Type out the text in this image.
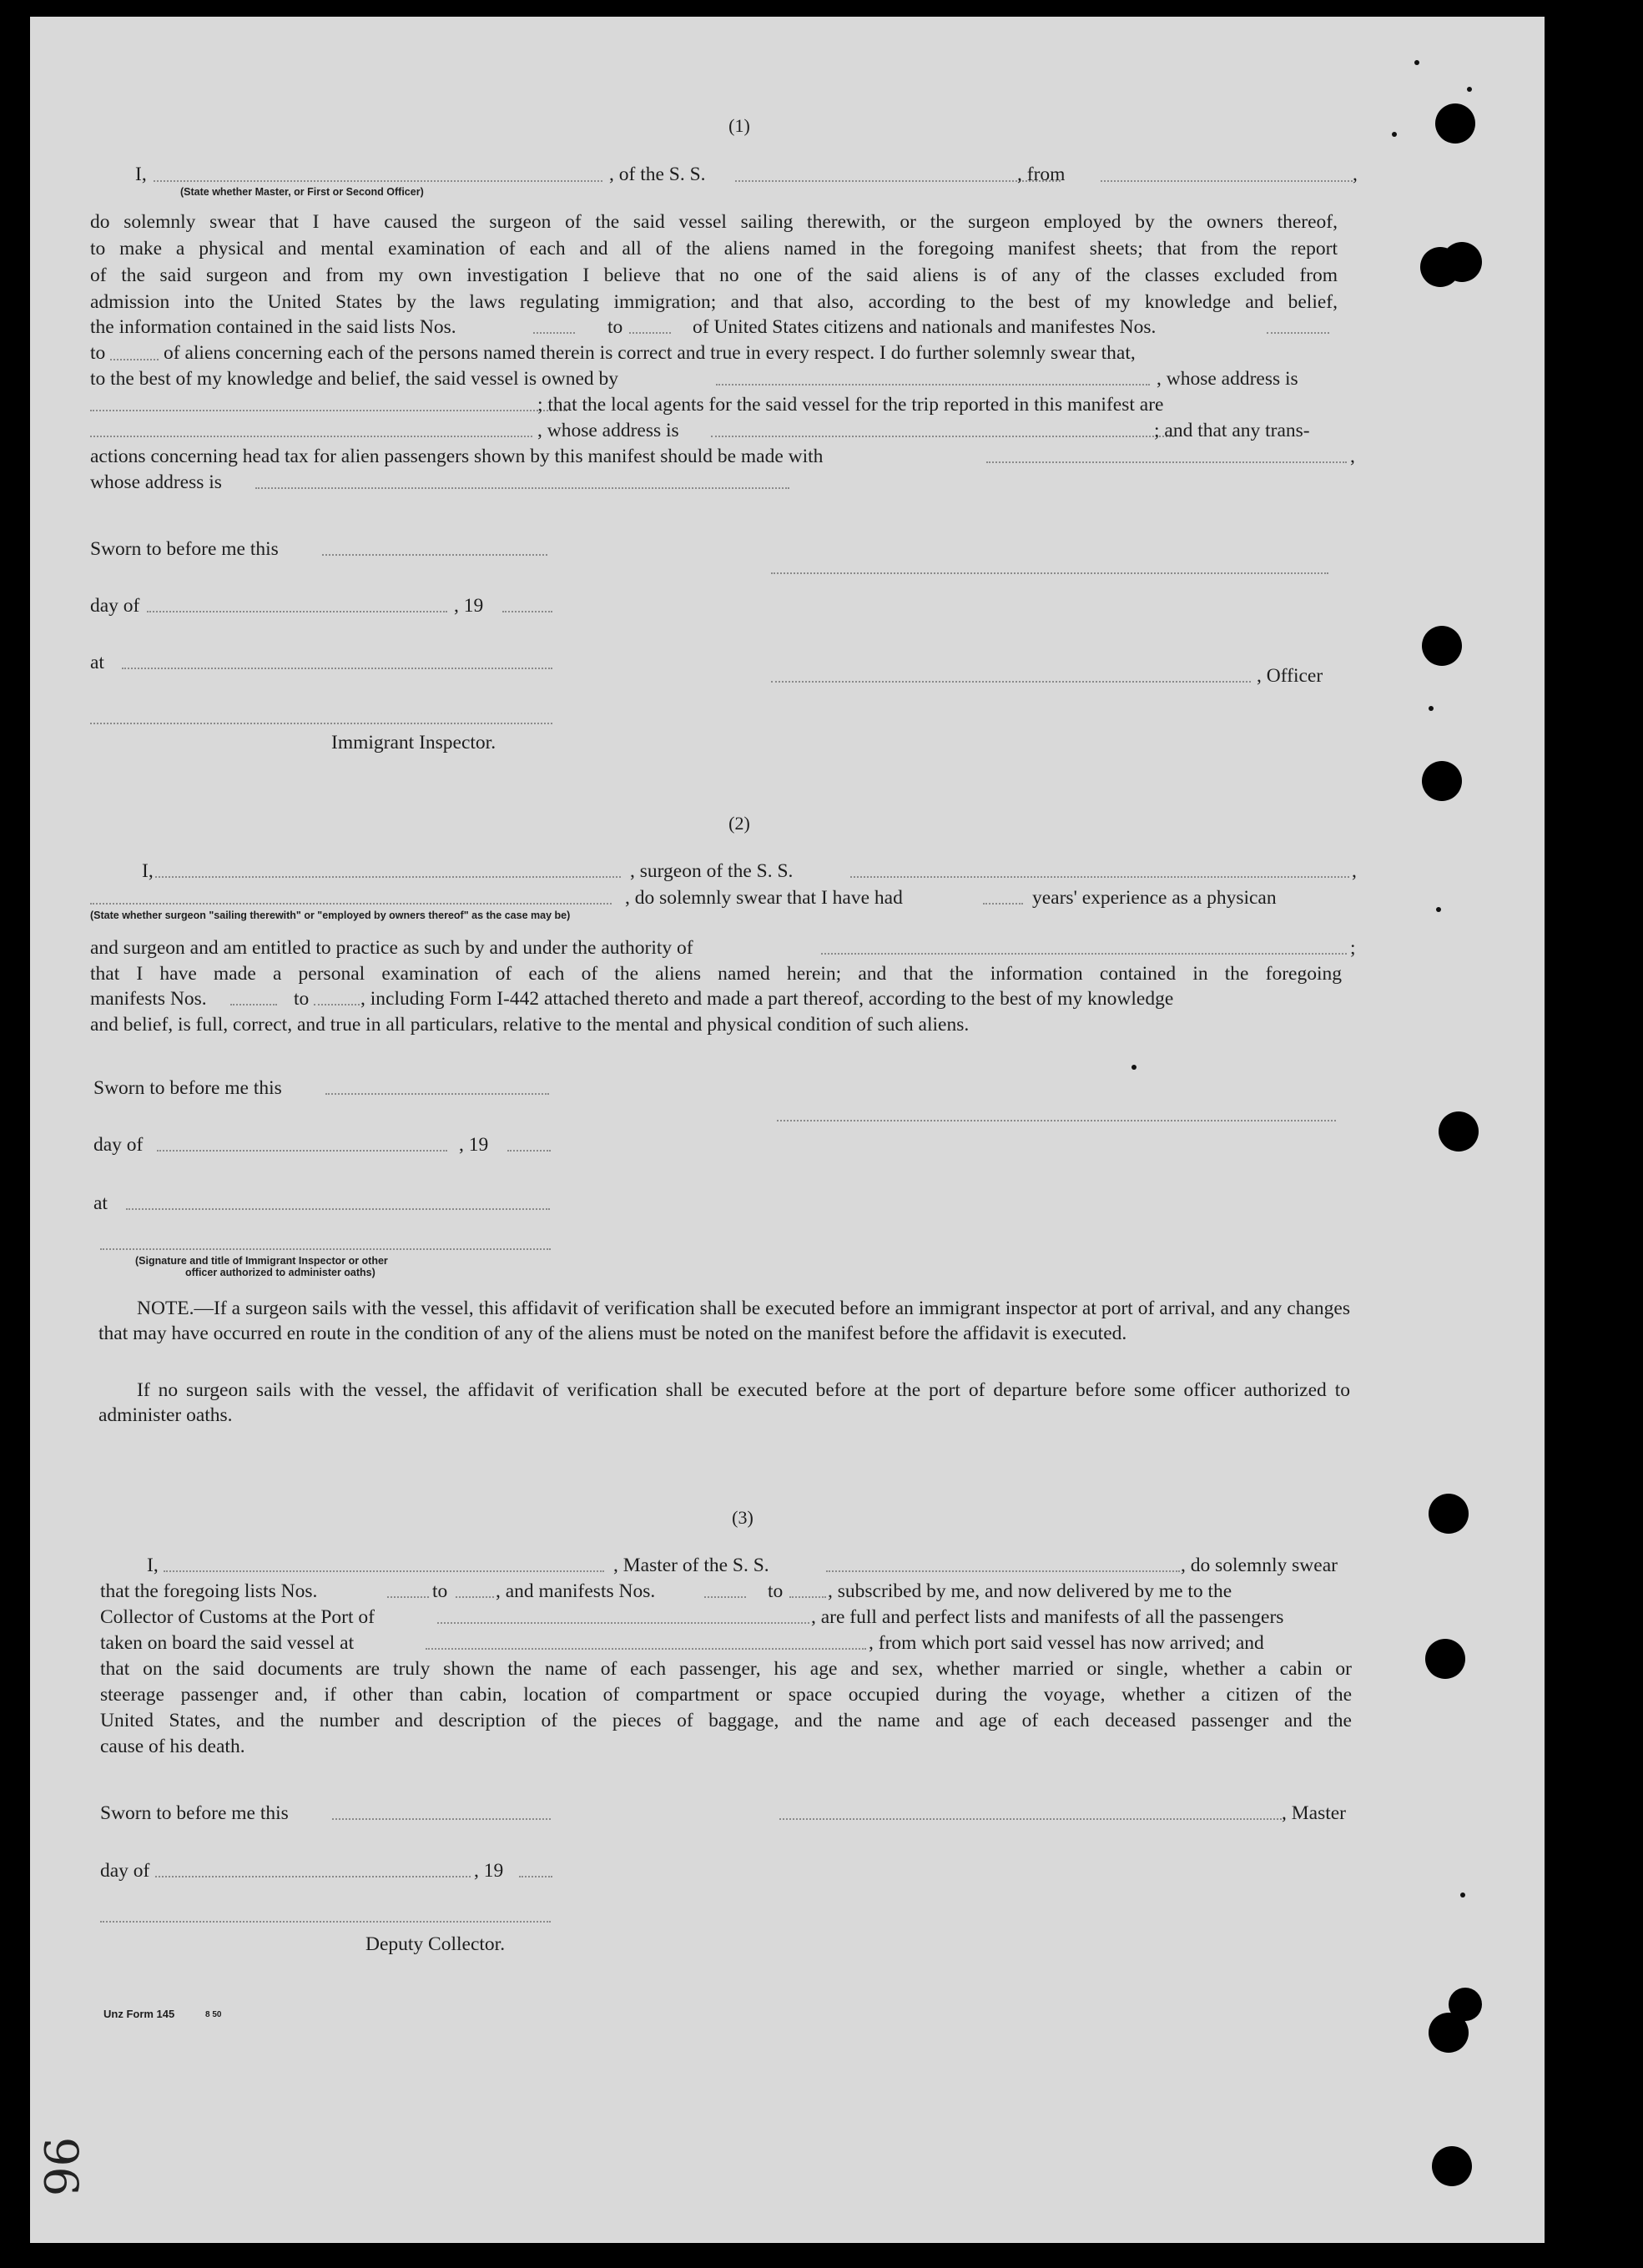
(1)
I,	, of the S. S.	, from	,
(State whether Master, or First or Second Officer)
do solemnly swear that I have caused the surgeon of the said vessel sailing therewith, or the surgeon employed by the owners thereof,
to make a physical and mental examination of each and all of the aliens named in the foregoing manifest sheets; that from the report
of the said surgeon and from my own investigation I believe that no one of the said aliens is of any of the classes excluded from
admission into the United States by the laws regulating immigration; and that also, according to the best of my knowledge and belief,
the information contained in the said lists Nos.	to	of United States citizens and nationals and manifestes Nos.
to	of aliens concerning each of the persons named therein is correct and true in every respect. I do further solemnly swear that,
to the best of my knowledge and belief, the said vessel is owned by	, whose address is
; that the local agents for the said vessel for the trip reported in this manifest are
, whose address is	; and that any trans-
actions concerning head tax for alien passengers shown by this manifest should be made with	,
whose address is
Sworn to before me this
day of	, 19
at
, Officer
Immigrant Inspector.
(2)
I,	, surgeon of the S. S.	,
, do solemnly swear that I have had	years' experience as a physican
(State whether surgeon "sailing therewith" or "employed by owners thereof" as the case may be)
and surgeon and am entitled to practice as such by and under the authority of	;
that I have made a personal examination of each of the aliens named herein; and that the information contained in the foregoing
manifests Nos.	to	, including Form I-442 attached thereto and made a part thereof, according to the best of my knowledge
and belief, is full, correct, and true in all particulars, relative to the mental and physical condition of such aliens.
Sworn to before me this
day of	, 19
at
(Signature and title of Immigrant Inspector or other
officer authorized to administer oaths)
NOTE.—If a surgeon sails with the vessel, this affidavit of verification shall be executed before an immigrant inspector at port of arrival, and any changes that may have occurred en route in the condition of any of the aliens must be noted on the manifest before the affidavit is executed.
If no surgeon sails with the vessel, the affidavit of verification shall be executed before at the port of departure before some officer authorized to administer oaths.
(3)
I,	, Master of the S. S.	, do solemnly swear
that the foregoing lists Nos.	to , and manifests Nos.	to , subscribed by me, and now delivered by me to the
Collector of Customs at the Port of	, are full and perfect lists and manifests of all the passengers
taken on board the said vessel at	, from which port said vessel has now arrived; and
that on the said documents are truly shown the name of each passenger, his age and sex, whether married or single, whether a cabin or
steerage passenger and, if other than cabin, location of compartment or space occupied during the voyage, whether a citizen of the
United States, and the number and description of the pieces of baggage, and the name and age of each deceased passenger and the
cause of his death.
Sworn to before me this	, Master
day of	, 19
Deputy Collector.
Unz Form 145	8 50
96
